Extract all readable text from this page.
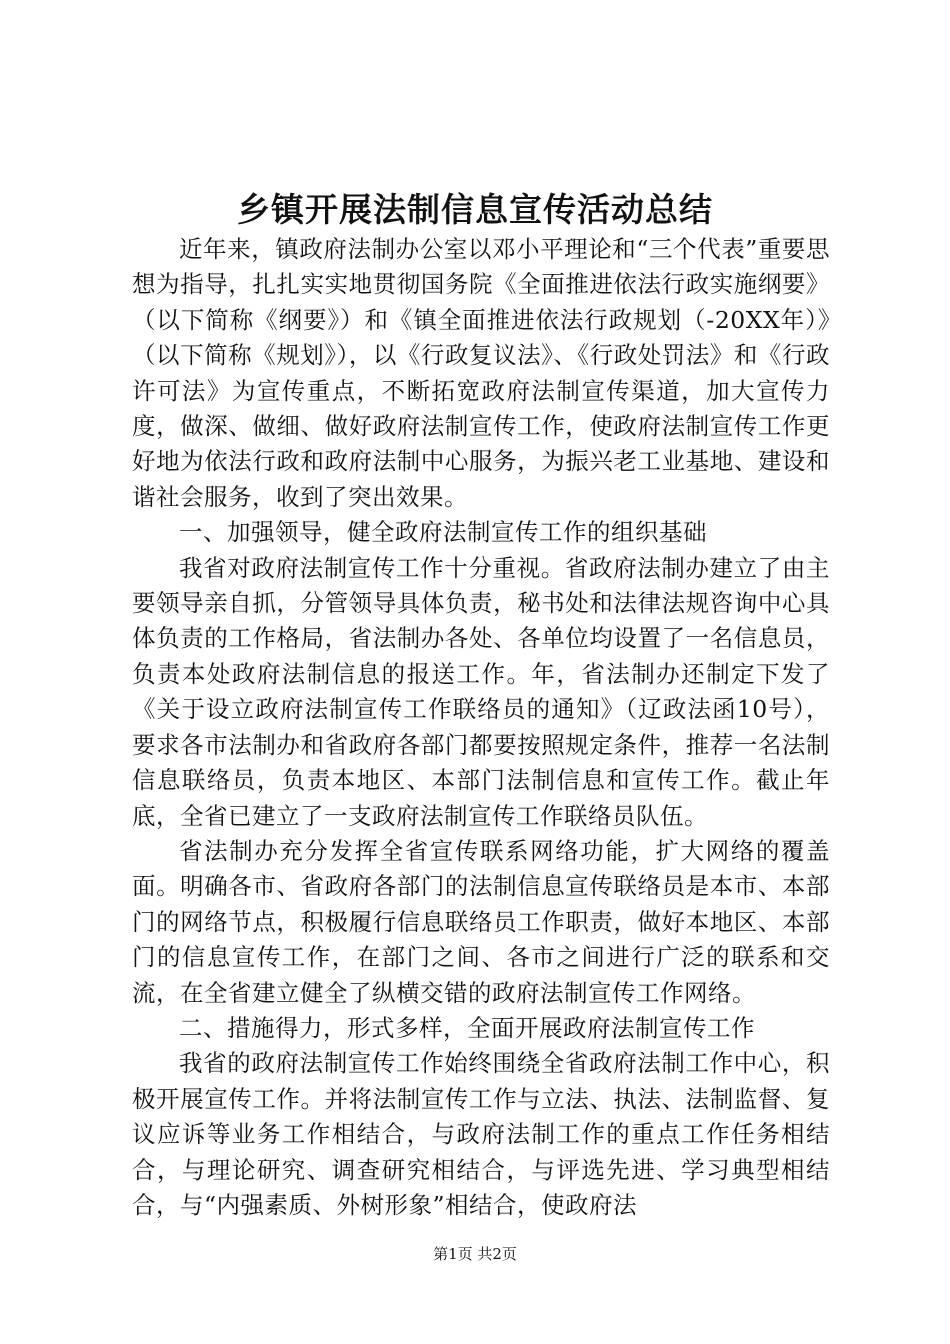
乡镇开展法制信息宣传活动总结

近年来，镇政府法制办公室以邓小平理论和“三个代表”重要思想为指导，扎扎实实地贯彻国务院《全面推进依法行政实施纲要》（以下简称《纲要》）和《镇全面推进依法行政规划（-20XX年）》（以下简称《规划》），以《行政复议法》、《行政处罚法》和《行政许可法》为宣传重点，不断拓宽政府法制宣传渠道，加大宣传力度，做深、做细、做好政府法制宣传工作，使政府法制宣传工作更好地为依法行政和政府法制中心服务，为振兴老工业基地、建设和谐社会服务，收到了突出效果。

一、加强领导，健全政府法制宣传工作的组织基础

我省对政府法制宣传工作十分重视。省政府法制办建立了由主要领导亲自抓，分管领导具体负责，秘书处和法律法规咨询中心具体负责的工作格局，省法制办各处、各单位均设置了一名信息员，负责本处政府法制信息的报送工作。年，省法制办还制定下发了《关于设立政府法制宣传工作联络员的通知》（辽政法函10号），要求各市法制办和省政府各部门都要按照规定条件，推荐一名法制信息联络员，负责本地区、本部门法制信息和宣传工作。截止年底，全省已建立了一支政府法制宣传工作联络员队伍。

省法制办充分发挥全省宣传联系网络功能，扩大网络的覆盖面。明确各市、省政府各部门的法制信息宣传联络员是本市、本部门的网络节点，积极履行信息联络员工作职责，做好本地区、本部门的信息宣传工作，在部门之间、各市之间进行广泛的联系和交流，在全省建立健全了纵横交错的政府法制宣传工作网络。

二、措施得力，形式多样，全面开展政府法制宣传工作

我省的政府法制宣传工作始终围绕全省政府法制工作中心，积极开展宣传工作。并将法制宣传工作与立法、执法、法制监督、复议应诉等业务工作相结合，与政府法制工作的重点工作任务相结合，与理论研究、调查研究相结合，与评选先进、学习典型相结合，与“内强素质、外树形象”相结合，使政府法

第1页 共2页
